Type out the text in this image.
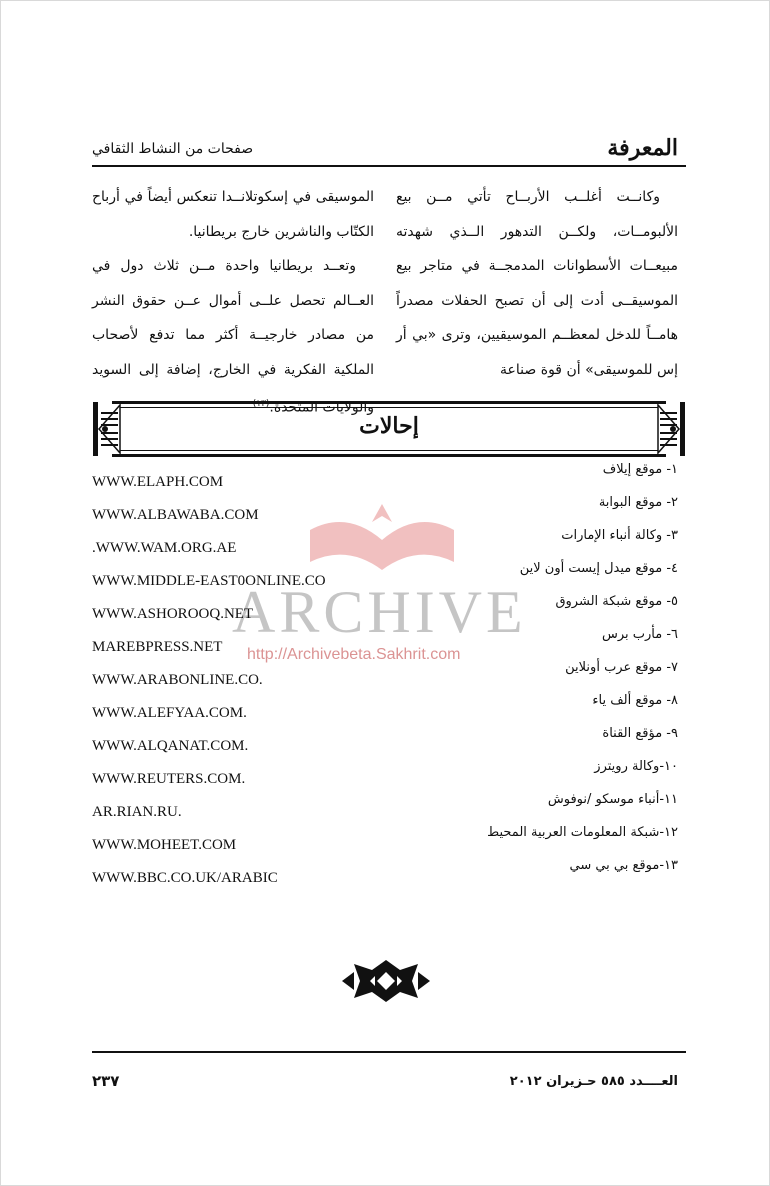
المعرفة
صفحات من النشاط الثقافي

وكانــت أغلــب الأربــاح تأتي مــن بيع الألبومــات، ولكــن التدهور الــذي شهدته مبيعــات الأسطوانات المدمجــة في متاجر بيع الموسيقــى أدت إلى أن تصبح الحفلات مصدراً هامــاً للدخل لمعظــم الموسيقيين، وترى «بي أر إس للموسيقى» أن قوة صناعة

الموسيقى في إسكوتلانــدا تنعكس أيضاً في أرباح الكتّاب والناشرين خارج بريطانيا.

وتعــد بريطانيا واحدة مــن ثلاث دول في العــالم تحصل علــى أموال عــن حقوق النشر من مصادر خارجيــة أكثر مما تدفع لأصحاب الملكية الفكرية في الخارج، إضافة إلى السويد والولايات المتحدة.$^{(١٣)}$

إحالات
ARCHIVE
http://Archivebeta.Sakhrit.com
١- موقع إيلاف
WWW.ELAPH.COM
٢- موقع البوابة
WWW.ALBAWABA.COM
٣- وكالة أنباء الإمارات
.WWW.WAM.ORG.AE
٤- موقع ميدل إيست أون لاين
WWW.MIDDLE-EAST0ONLINE.CO
٥- موقع شبكة الشروق
WWW.ASHOROOQ.NET
٦- مأرب برس
MAREBPRESS.NET
٧- موقع عرب أونلاين
WWW.ARABONLINE.CO.
٨- موقع ألف ياء
WWW.ALEFYAA.COM.
٩- مؤقع القناة
WWW.ALQANAT.COM.
١٠-وكالة رويترز
WWW.REUTERS.COM.
١١-أنباء موسكو /نوفوش
AR.RIAN.RU.
١٢-شبكة المعلومات العربية المحيط
WWW.MOHEET.COM
١٣-موقع بي بي سي
WWW.BBC.CO.UK/ARABIC
العــــدد ٥٨٥ حـزيران ٢٠١٢
٢٣٧
